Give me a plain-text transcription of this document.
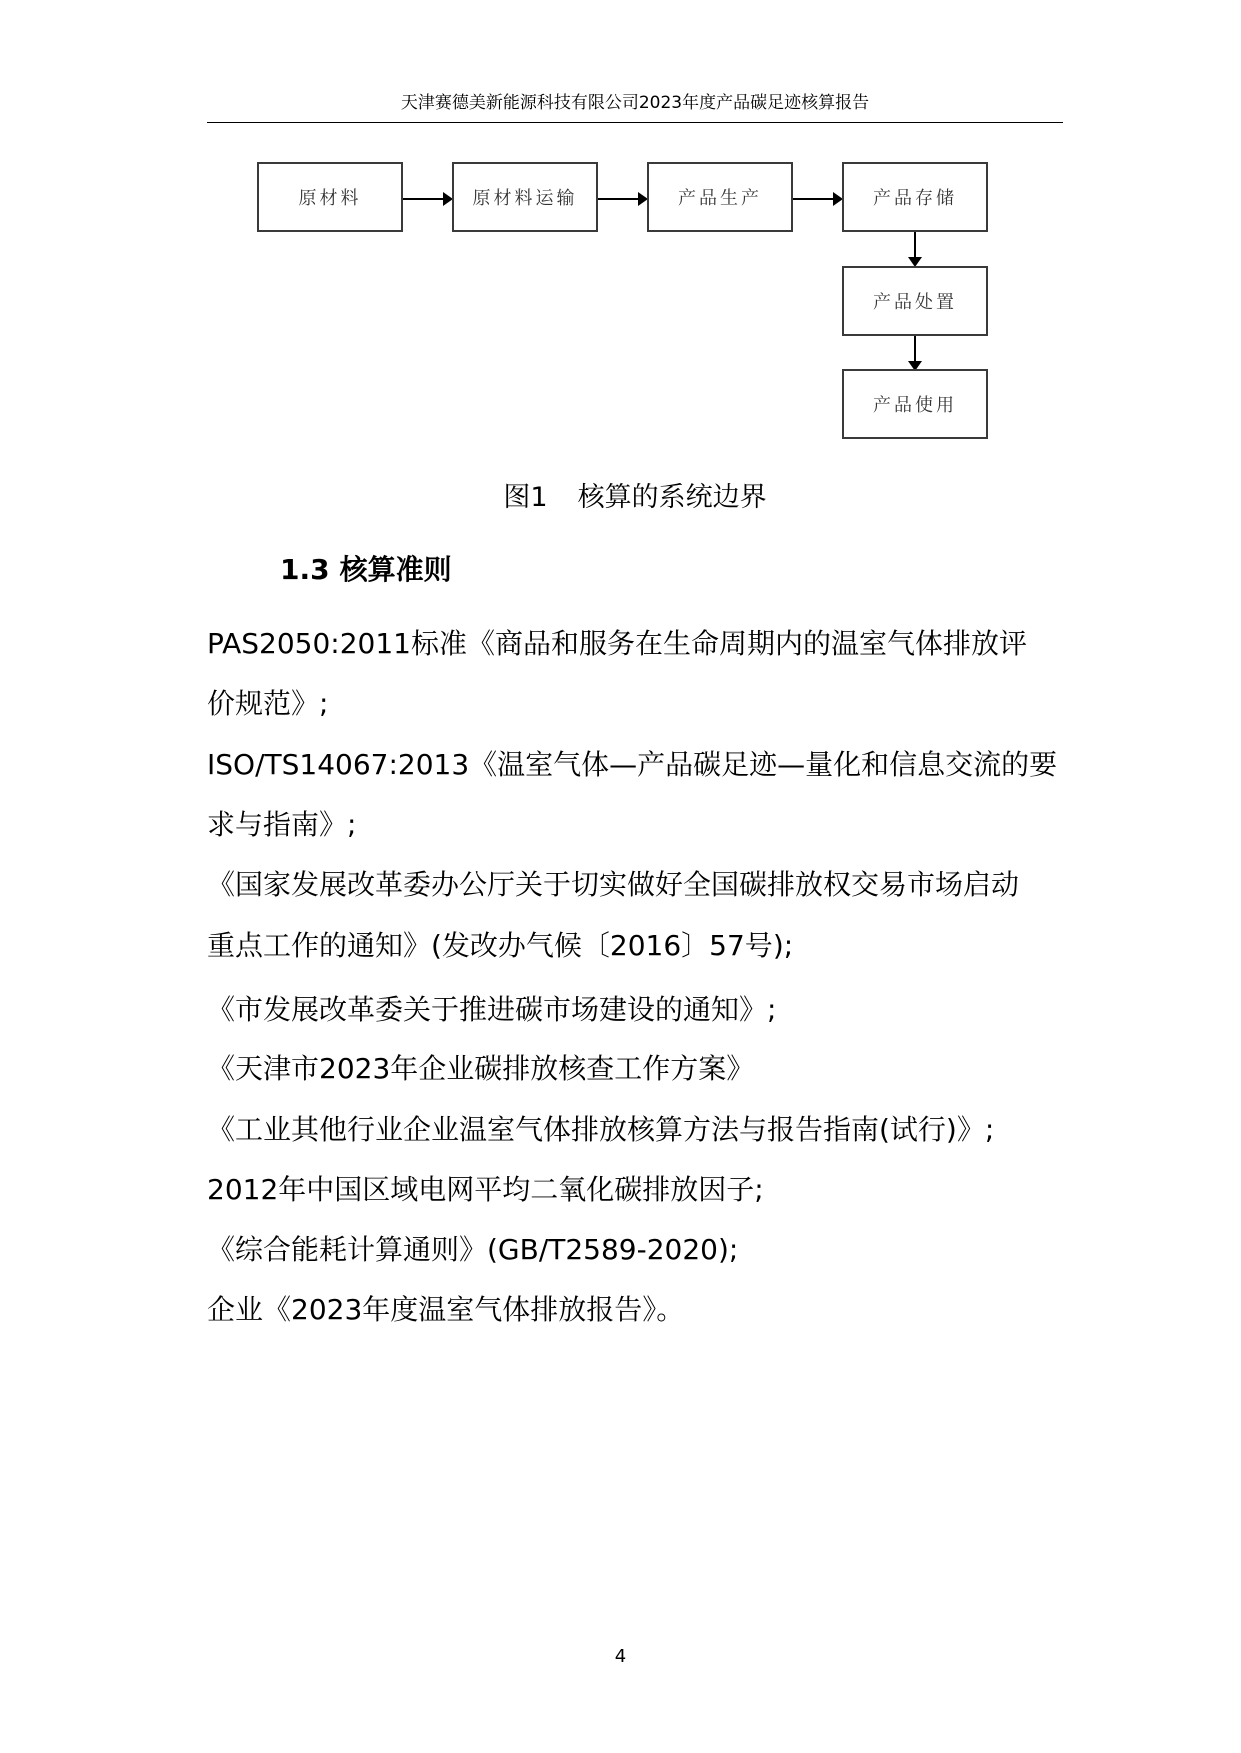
天津赛德美新能源科技有限公司2023年度产品碳足迹核算报告
原材料	原材料运输	产品生产	产品存储
产品处置
产品使用
图1 核算的系统边界
1.3 核算准则
PAS2050:2011标准《商品和服务在生命周期内的温室气体排放评
价规范》;
ISO/TS14067:2013《温室气体—产品碳足迹—量化和信息交流的要
求与指南》;
《国家发展改革委办公厅关于切实做好全国碳排放权交易市场启动
重点工作的通知》(发改办气候〔2016〕57号);
《市发展改革委关于推进碳市场建设的通知》;
《天津市2023年企业碳排放核查工作方案》
《工业其他行业企业温室气体排放核算方法与报告指南(试行)》;
2012年中国区域电网平均二氧化碳排放因子;
《综合能耗计算通则》(GB/T2589-2020);
企业《2023年度温室气体排放报告》。
4
